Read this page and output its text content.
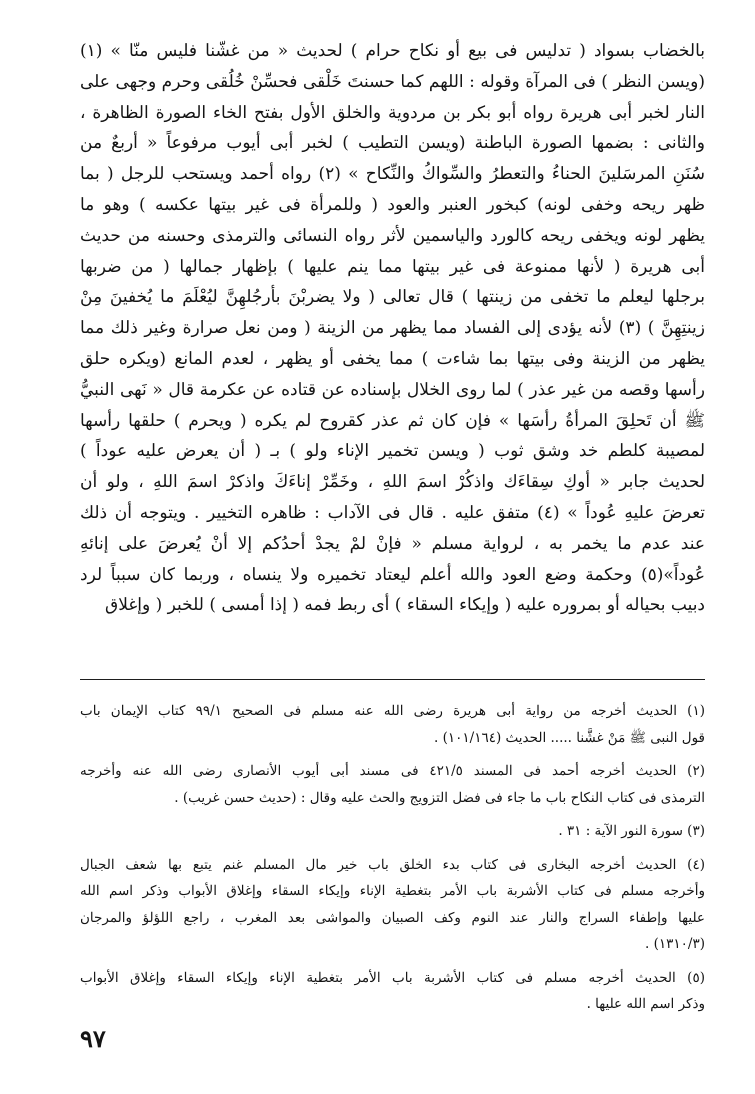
بالخضاب بسواد ( تدليس فى بيع أو نكاح حرام ) لحديث « من غشّنا فليس منّا » (١)
(ويسن النظر ) فى المرآة وقوله : اللهم كما حسنتَ خَلْقى فحسِّنْ خُلُقى وحرم وجهى على
النار لخبر أبى هريرة رواه أبو بكر بن مردوية والخلق الأول بفتح الخاء الصورة الظاهرة ،
والثانى : بضمها الصورة الباطنة (ويسن التطيب ) لخبر أبى أيوب مرفوعاً « أربعٌ من
سُنَنِ المرسَلينَ الحناءُ والتعطرُ والسِّواكُ والنِّكاح » (٢) رواه أحمد ويستحب للرجل ( بما
ظهر ريحه وخفى لونه) كبخور العنبر والعود ( وللمرأة فى غير بيتها عكسه ) وهو ما
يظهر لونه ويخفى ريحه كالورد والياسمين لأثر رواه النسائى والترمذى وحسنه من حديث
أبى هريرة ( لأنها ممنوعة فى غير بيتها مما ينم عليها ) بإظهار جمالها ( من ضربها
برجلها ليعلم ما تخفى من زينتها ) قال تعالى ( ولا يضربْنَ بأرجُلهِنَّ ليُعْلَمَ ما يُخفينَ مِنْ
زينتِهِنَّ ) (٣) لأنه يؤدى إلى الفساد مما يظهر من الزينة ( ومن نعل صرارة وغير ذلك مما
يظهر من الزينة وفى بيتها بما شاءت ) مما يخفى أو يظهر ، لعدم المانع (ويكره حلق
رأسها وقصه من غير عذر ) لما روى الخلال بإسناده عن قتاده عن عكرمة قال « نَهى النبيُّ
ﷺ أن تَحلِقَ المرأةُ رأسَها » فإن كان ثم عذر كقروح لم يكره ( ويحرم ) حلقها رأسها
لمصيبة كلطم خد وشق ثوب ( ويسن تخمير الإناء ولو ) بـ ( أن يعرض عليه عوداً )
لحديث جابر « أوكِ سِقاءَك واذكُرْ اسمَ اللهِ ، وخَمِّرْ إناءَكَ واذكرْ اسمَ اللهِ ، ولو أن
تعرضَ عليهِ عُوداً » (٤) متفق عليه . قال فى الآداب : ظاهره التخيير . ويتوجه أن ذلك
عند عدم ما يخمر به ، لرواية مسلم « فإنْ لمْ يجدْ أحدُكم إلا أنْ يُعرضَ على إنائهِ
عُوداً»(٥) وحكمة وضع العود والله أعلم ليعتاد تخميره ولا ينساه ، وربما كان سبباً لرد
دبيب بحياله أو بمروره عليه ( وإيكاء السقاء ) أى ربط فمه ( إذا أمسى ) للخبر ( وإغلاق
(١) الحديث أخرجه من رواية أبى هريرة رضى الله عنه مسلم فى الصحيح ٩٩/١ كتاب الإيمان باب
قول النبى ﷺ مَنْ غشَّنا ..... الحديث (١٠١/١٦٤) .
(٢) الحديث أخرجه أحمد فى المسند ٤٢١/٥ فى مسند أبى أيوب الأنصارى رضى الله عنه وأخرجه
الترمذى فى كتاب النكاح باب ما جاء فى فضل التزويج والحث عليه وقال : (حديث حسن غريب) .
(٣) سورة النور الآية : ٣١ .
(٤) الحديث أخرجه البخارى فى كتاب بدء الخلق باب خير مال المسلم غنم يتبع بها شعف الجبال
وأخرجه مسلم فى كتاب الأشربة باب الأمر بتغطية الإناء وإيكاء السقاء وإغلاق الأبواب وذكر اسم الله
عليها وإطفاء السراج والنار عند النوم وكف الصبيان والمواشى بعد المغرب ، راجع اللؤلؤ والمرجان
(١٣١٠/٣) .
(٥) الحديث أخرجه مسلم فى كتاب الأشربة باب الأمر بتغطية الإناء وإيكاء السقاء وإغلاق الأبواب
وذكر اسم الله عليها .
٩٧
